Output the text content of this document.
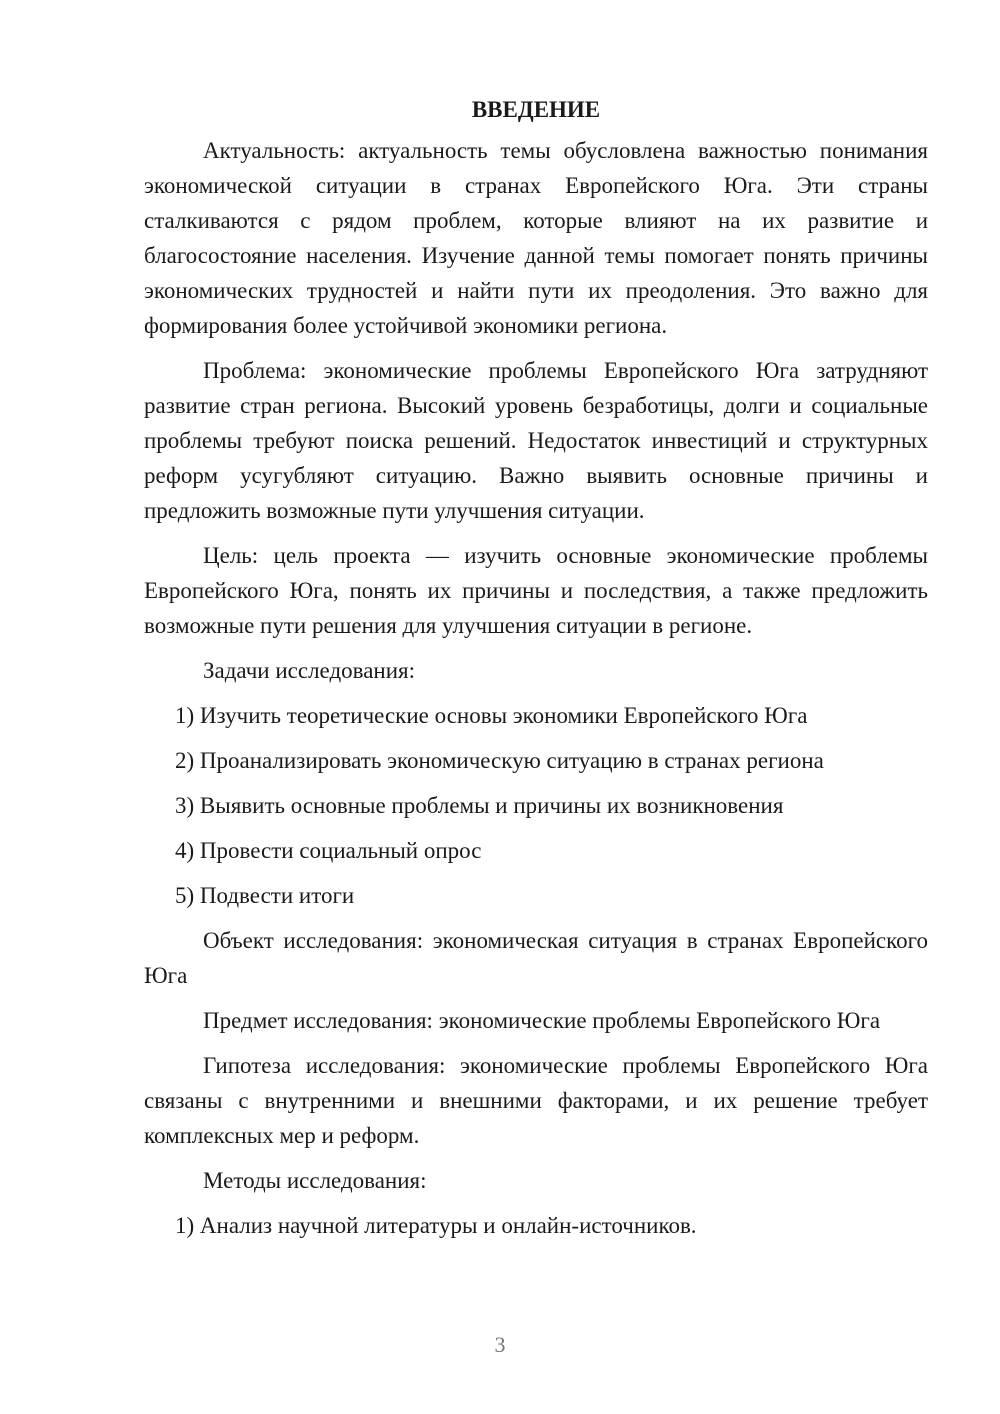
ВВЕДЕНИЕ

Актуальность: актуальность темы обусловлена важностью понимания экономической ситуации в странах Европейского Юга. Эти страны сталкиваются с рядом проблем, которые влияют на их развитие и благосостояние населения. Изучение данной темы помогает понять причины экономических трудностей и найти пути их преодоления. Это важно для формирования более устойчивой экономики региона.

Проблема: экономические проблемы Европейского Юга затрудняют развитие стран региона. Высокий уровень безработицы, долги и социальные проблемы требуют поиска решений. Недостаток инвестиций и структурных реформ усугубляют ситуацию. Важно выявить основные причины и предложить возможные пути улучшения ситуации.

Цель: цель проекта — изучить основные экономические проблемы Европейского Юга, понять их причины и последствия, а также предложить возможные пути решения для улучшения ситуации в регионе.

Задачи исследования:

1) Изучить теоретические основы экономики Европейского Юга

2) Проанализировать экономическую ситуацию в странах региона

3) Выявить основные проблемы и причины их возникновения

4) Провести социальный опрос

5) Подвести итоги

Объект исследования: экономическая ситуация в странах Европейского Юга

Предмет исследования: экономические проблемы Европейского Юга

Гипотеза исследования: экономические проблемы Европейского Юга связаны с внутренними и внешними факторами, и их решение требует комплексных мер и реформ.

Методы исследования:

1) Анализ научной литературы и онлайн-источников.

3
